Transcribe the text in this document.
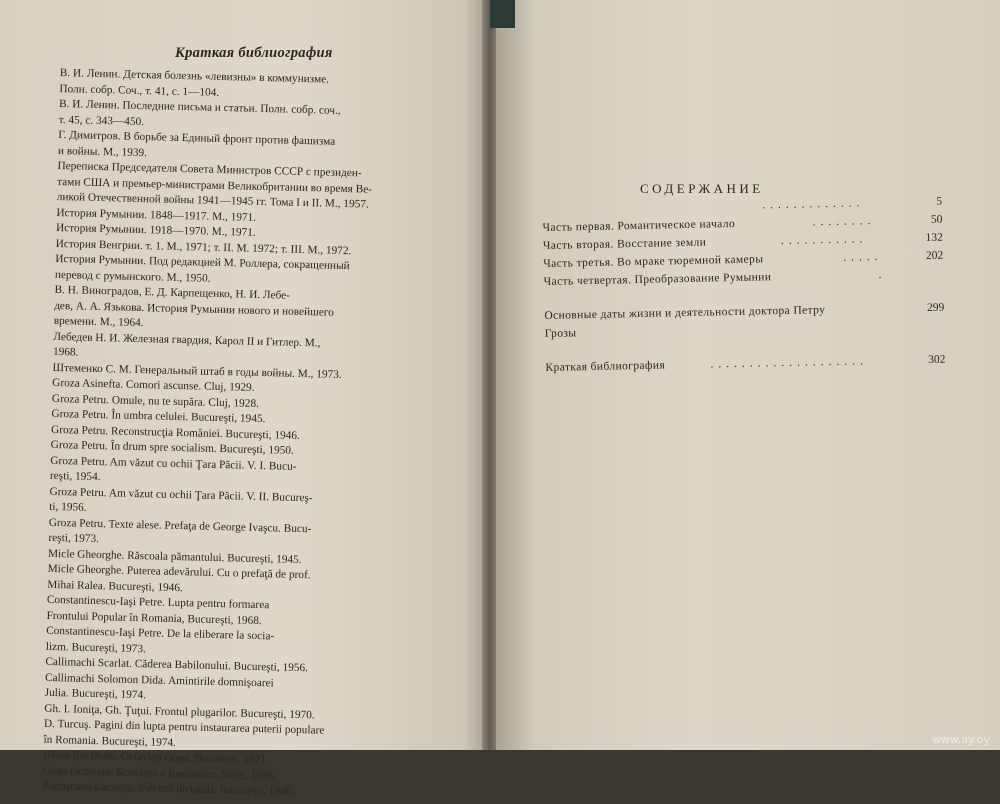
Краткая библиография
В. И. Ленин. Детская болезнь «левизны» в коммунизме.
Полн. собр. Соч., т. 41, с. 1—104.
В. И. Ленин. Последние письма и статьи. Полн. собр. соч.,
т. 45, с. 343—450.
Г. Димитров. В борьбе за Единый фронт против фашизма
и войны. М., 1939.
Переписка Председателя Совета Министров СССР с президен-
тами США и премьер-министрами Великобритании во время Ве-
ликой Отечественной войны 1941—1945 гг. Тома I и II. М., 1957.
История Румынии. 1848—1917. М., 1971.
История Румынии. 1918—1970. М., 1971.
История Венгрии. т. 1. М., 1971; т. II. М. 1972; т. III. М., 1972.
История Румынии. Под редакцией М. Роллера, сокращенный
перевод с румынского. М., 1950.
В. Н. Виноградов, Е. Д. Карпещенко, Н. И. Лебе-
дев, А. А. Язькова. История Румынии нового и новейшего
времени. М., 1964.
Лебедев Н. И. Железная гвардия, Карол II и Гитлер. М.,
1968.
Штеменко С. М. Генеральный штаб в годы войны. М., 1973.
Groza Asinefta. Comori ascunse. Cluj, 1929.
Groza Petru. Omule, nu te supăra. Cluj, 1928.
Groza Petru. În umbra celulei. Bucureşti, 1945.
Groza Petru. Reconstrucţia României. Bucureşti, 1946.
Groza Petru. În drum spre socialism. Bucureşti, 1950.
Groza Petru. Am văzut cu ochii Ţara Păcii. V. I. Bucu-
reşti, 1954.
Groza Petru. Am văzut cu ochii Ţara Păcii. V. II. Bucureş-
ti, 1956.
Groza Petru. Texte alese. Prefaţa de George Ivaşcu. Bucu-
reşti, 1973.
Micle Gheorghe. Răscoala pămantului. Bucureşti, 1945.
Micle Gheorghe. Puterea adevărului. Cu o prefaţă de prof.
Mihai Ralea. Bucureşti, 1946.
Constantinescu-Iaşi Petre. Lupta pentru formarea
Frontului Popular în Romania, Bucureşti, 1968.
Constantinescu-Iaşi Petre. De la eliberare la socia-
lizm. Bucureşti, 1973.
Callimachi Scarlat. Căderea Babilonului. Bucureşti, 1956.
Callimachi Solomon Dida. Amintirile domnişoarei
Julia. Bucureşti, 1974.
Gh. I. Ioniţa, Gh. Ţuţui. Frontul plugarilor. Bucureşti, 1970.
D. Turcuş. Pagini din lupta pentru instaurarea puterii populare
în Romania. Bucureşti, 1974.
Bălan Ion Dodu. Octavian Goga. Bucureşti, 1971.
Goga Octavian. România a Românilor. Sibiu, 1936.
Patraşcanu Lucreţiu. Sub trei dictaturi. Bucureşti, 1946.
СОДЕРЖАНИЕ
.............	5
Часть первая. Романтическое начало	........	50
Часть вторая. Восстание земли	...........	132
Часть третья. Во мраке тюремной камеры	.....	202
Часть четвертая. Преобразование Румынии	.
Основные даты жизни и деятельности доктора Петру	299
Грозы
Краткая библиография	....................	302
www.ay.by
